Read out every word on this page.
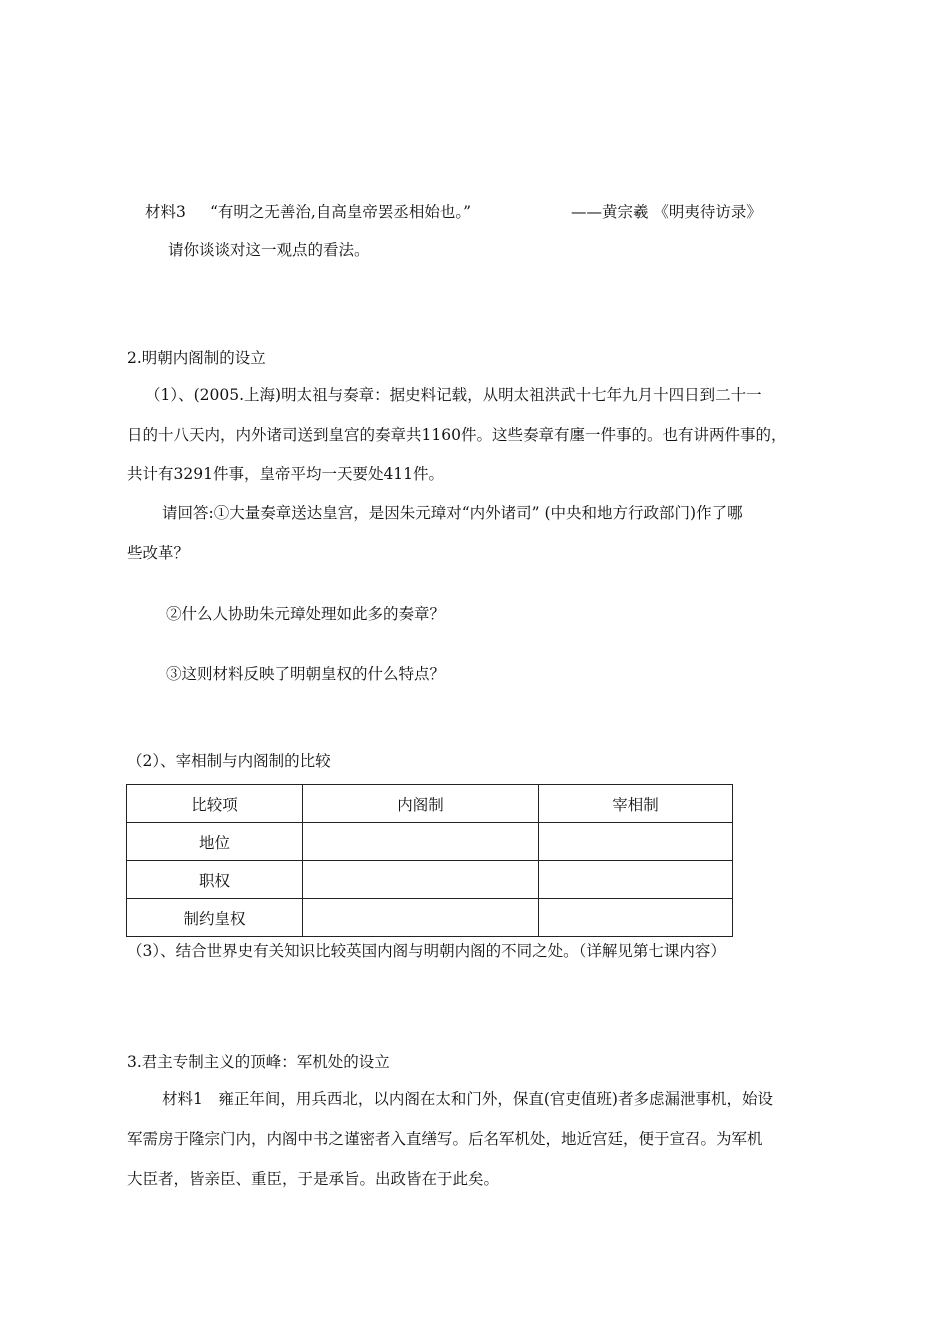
材料3 “有明之无善治,自高皇帝罢丞相始也。”	——黄宗羲 《明夷待访录》
请你谈谈对这一观点的看法。
2.明朝内阁制的设立
（1）、(2005.上海)明太祖与奏章：据史料记载，从明太祖洪武十七年九月十四日到二十一
日的十八天内，内外诸司送到皇宫的奏章共1160件。这些奏章有廛一件事的。也有讲两件事的，
共计有3291件事，皇帝平均一天要处411件。
请回答:①大量奏章送达皇宫，是因朱元璋对“内外诸司” (中央和地方行政部门)作了哪
些改革？
②什么人协助朱元璋处理如此多的奏章？
③这则材料反映了明朝皇权的什么特点？
（2）、宰相制与内阁制的比较
比较项	内阁制	宰相制
地位		
职权		
制约皇权		
（3）、结合世界史有关知识比较英国内阁与明朝内阁的不同之处。（详解见第七课内容）
3.君主专制主义的顶峰：军机处的设立
材料1　雍正年间，用兵西北，以内阁在太和门外，保直(官吏值班)者多虑漏泄事机，始设
军需房于隆宗门内，内阁中书之谨密者入直缮写。后名军机处，地近宫廷，便于宣召。为军机
大臣者，皆亲臣、重臣，于是承旨。出政皆在于此矣。
